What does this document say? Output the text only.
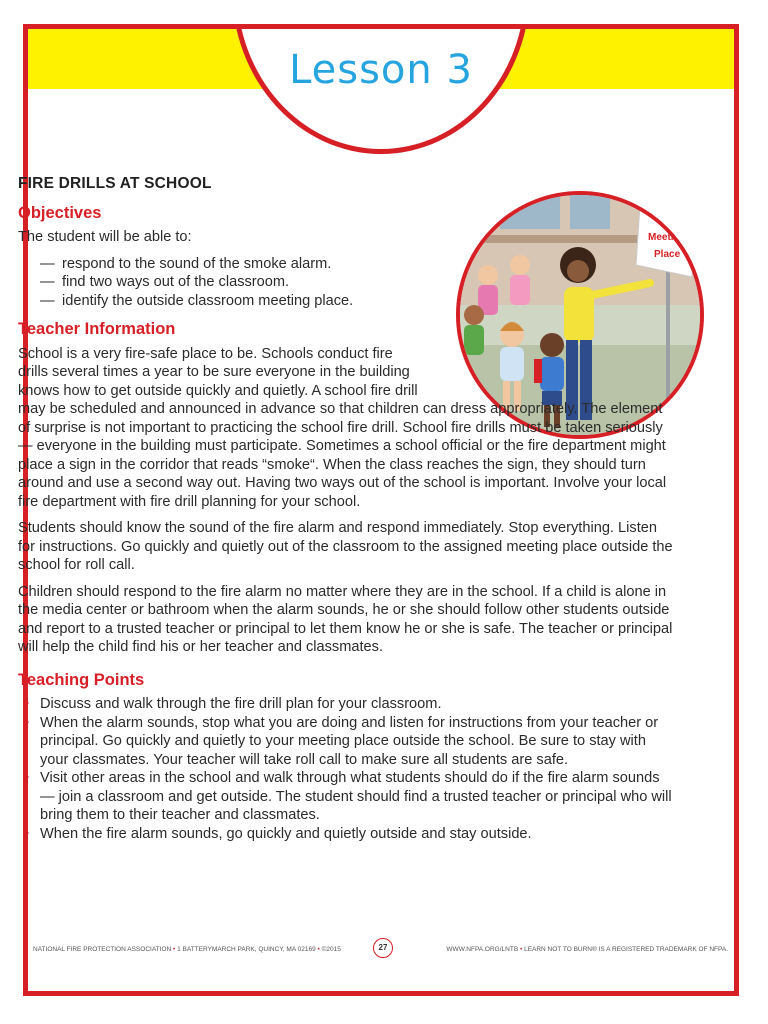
Lesson 3
Meeting
Place
FIRE DRILLS AT SCHOOL
Objectives

The student will be able to:

— respond to the sound of the smoke alarm.
— find two ways out of the classroom.
— identify the outside classroom meeting place.
Teacher Information

School is a very fire-safe place to be. Schools conduct fire drills several times a year to be sure everyone in the building knows how to get outside quickly and quietly. A school fire drill may be scheduled and announced in advance so that children can dress appropriately. The element of surprise is not important to practicing the school fire drill. School fire drills must be taken seriously — everyone in the building must participate. Sometimes a school official or the fire department might place a sign in the corridor that reads “smoke“. When the class reaches the sign, they should turn around and use a second way out. Having two ways out of the school is important. Involve your local fire department with fire drill planning for your school.

Students should know the sound of the fire alarm and respond immediately. Stop everything. Listen for instructions. Go quickly and quietly out of the classroom to the assigned meeting place outside the school for roll call.

Children should respond to the fire alarm no matter where they are in the school. If a child is alone in the media center or bathroom when the alarm sounds, he or she should follow other students outside and report to a trusted teacher or principal to let them know he or she is safe. The teacher or principal will help the child find his or her teacher and classmates.

Teaching Points
• Discuss and walk through the fire drill plan for your classroom.
• When the alarm sounds, stop what you are doing and listen for instructions from your teacher or principal. Go quickly and quietly to your meeting place outside the school. Be sure to stay with your classmates. Your teacher will take roll call to make sure all students are safe.
• Visit other areas in the school and walk through what students should do if the fire alarm sounds — join a classroom and get outside. The student should find a trusted teacher or principal who will bring them to their teacher and classmates.
• When the fire alarm sounds, go quickly and quietly outside and stay outside.
NATIONAL FIRE PROTECTION ASSOCIATION • 1 BATTERYMARCH PARK, QUINCY, MA 02169 • ©2015	27	WWW.NFPA.ORG/LNTB • LEARN NOT TO BURN® IS A REGISTERED TRADEMARK OF NFPA.
